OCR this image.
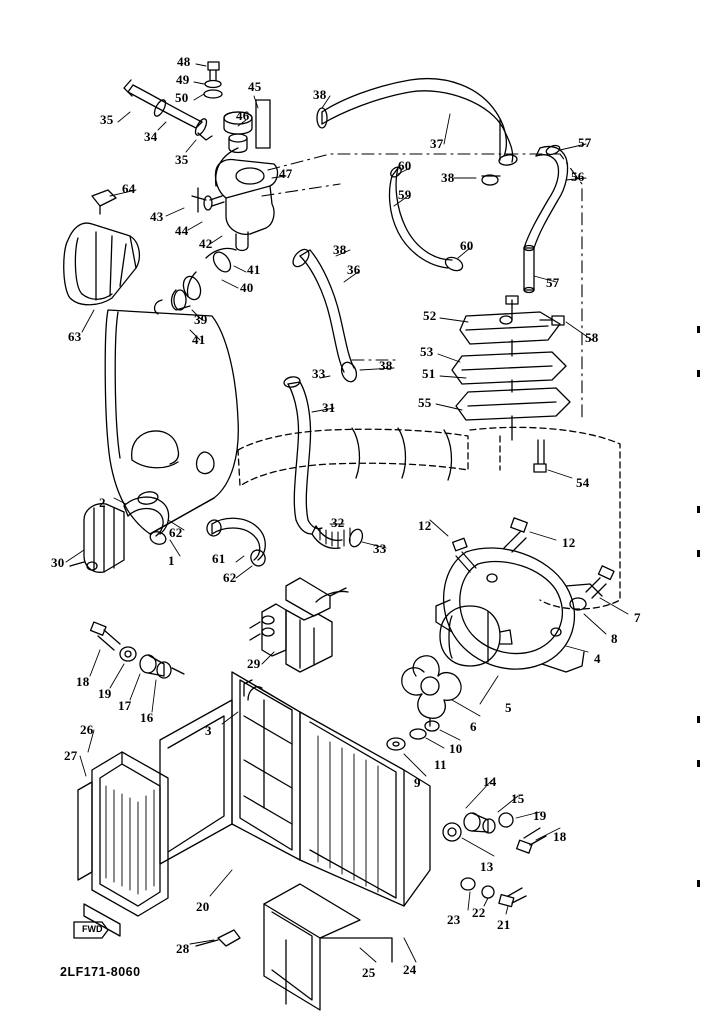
1
2
3
4
5
6
7
8
9
10
11
12
12
13
14
15
16
17
18
18
19
19
20
21
22
23
24
25
26
27
28
29
30
31
32
33
33
34
35
35
36
37
38
38
38
38
39
40
41
41
42
43
44
45
46
47
48
49
50
51
52
53
54
55
56
57
57
58
59
60
60
61
62
62
63
64
FWD
2LF171-8060
